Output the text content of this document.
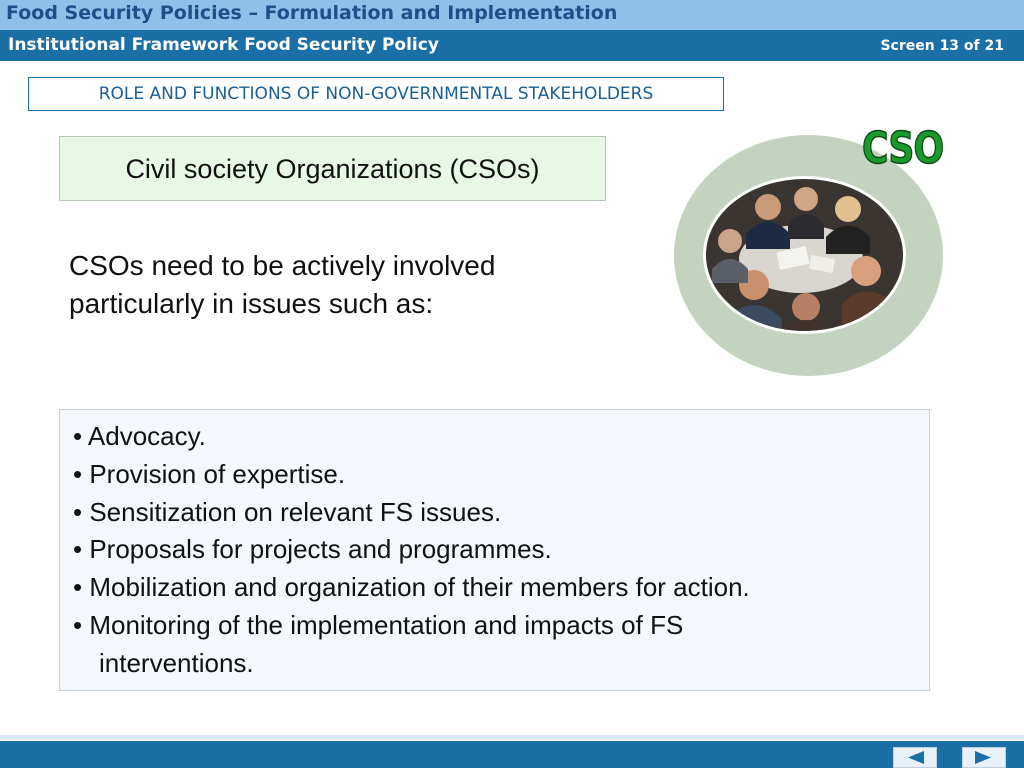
Food Security Policies – Formulation and Implementation
Institutional Framework Food Security Policy	Screen 13 of 21
ROLE AND FUNCTIONS OF NON-GOVERNMENTAL STAKEHOLDERS
Civil society Organizations (CSOs)
CSOs need to be actively involved
particularly in issues such as:
CSO
• Advocacy.
• Provision of expertise.
• Sensitization on relevant FS issues.
• Proposals for projects and programmes.
• Mobilization and organization of their members for action.
• Monitoring of the implementation and impacts of FS
interventions.
